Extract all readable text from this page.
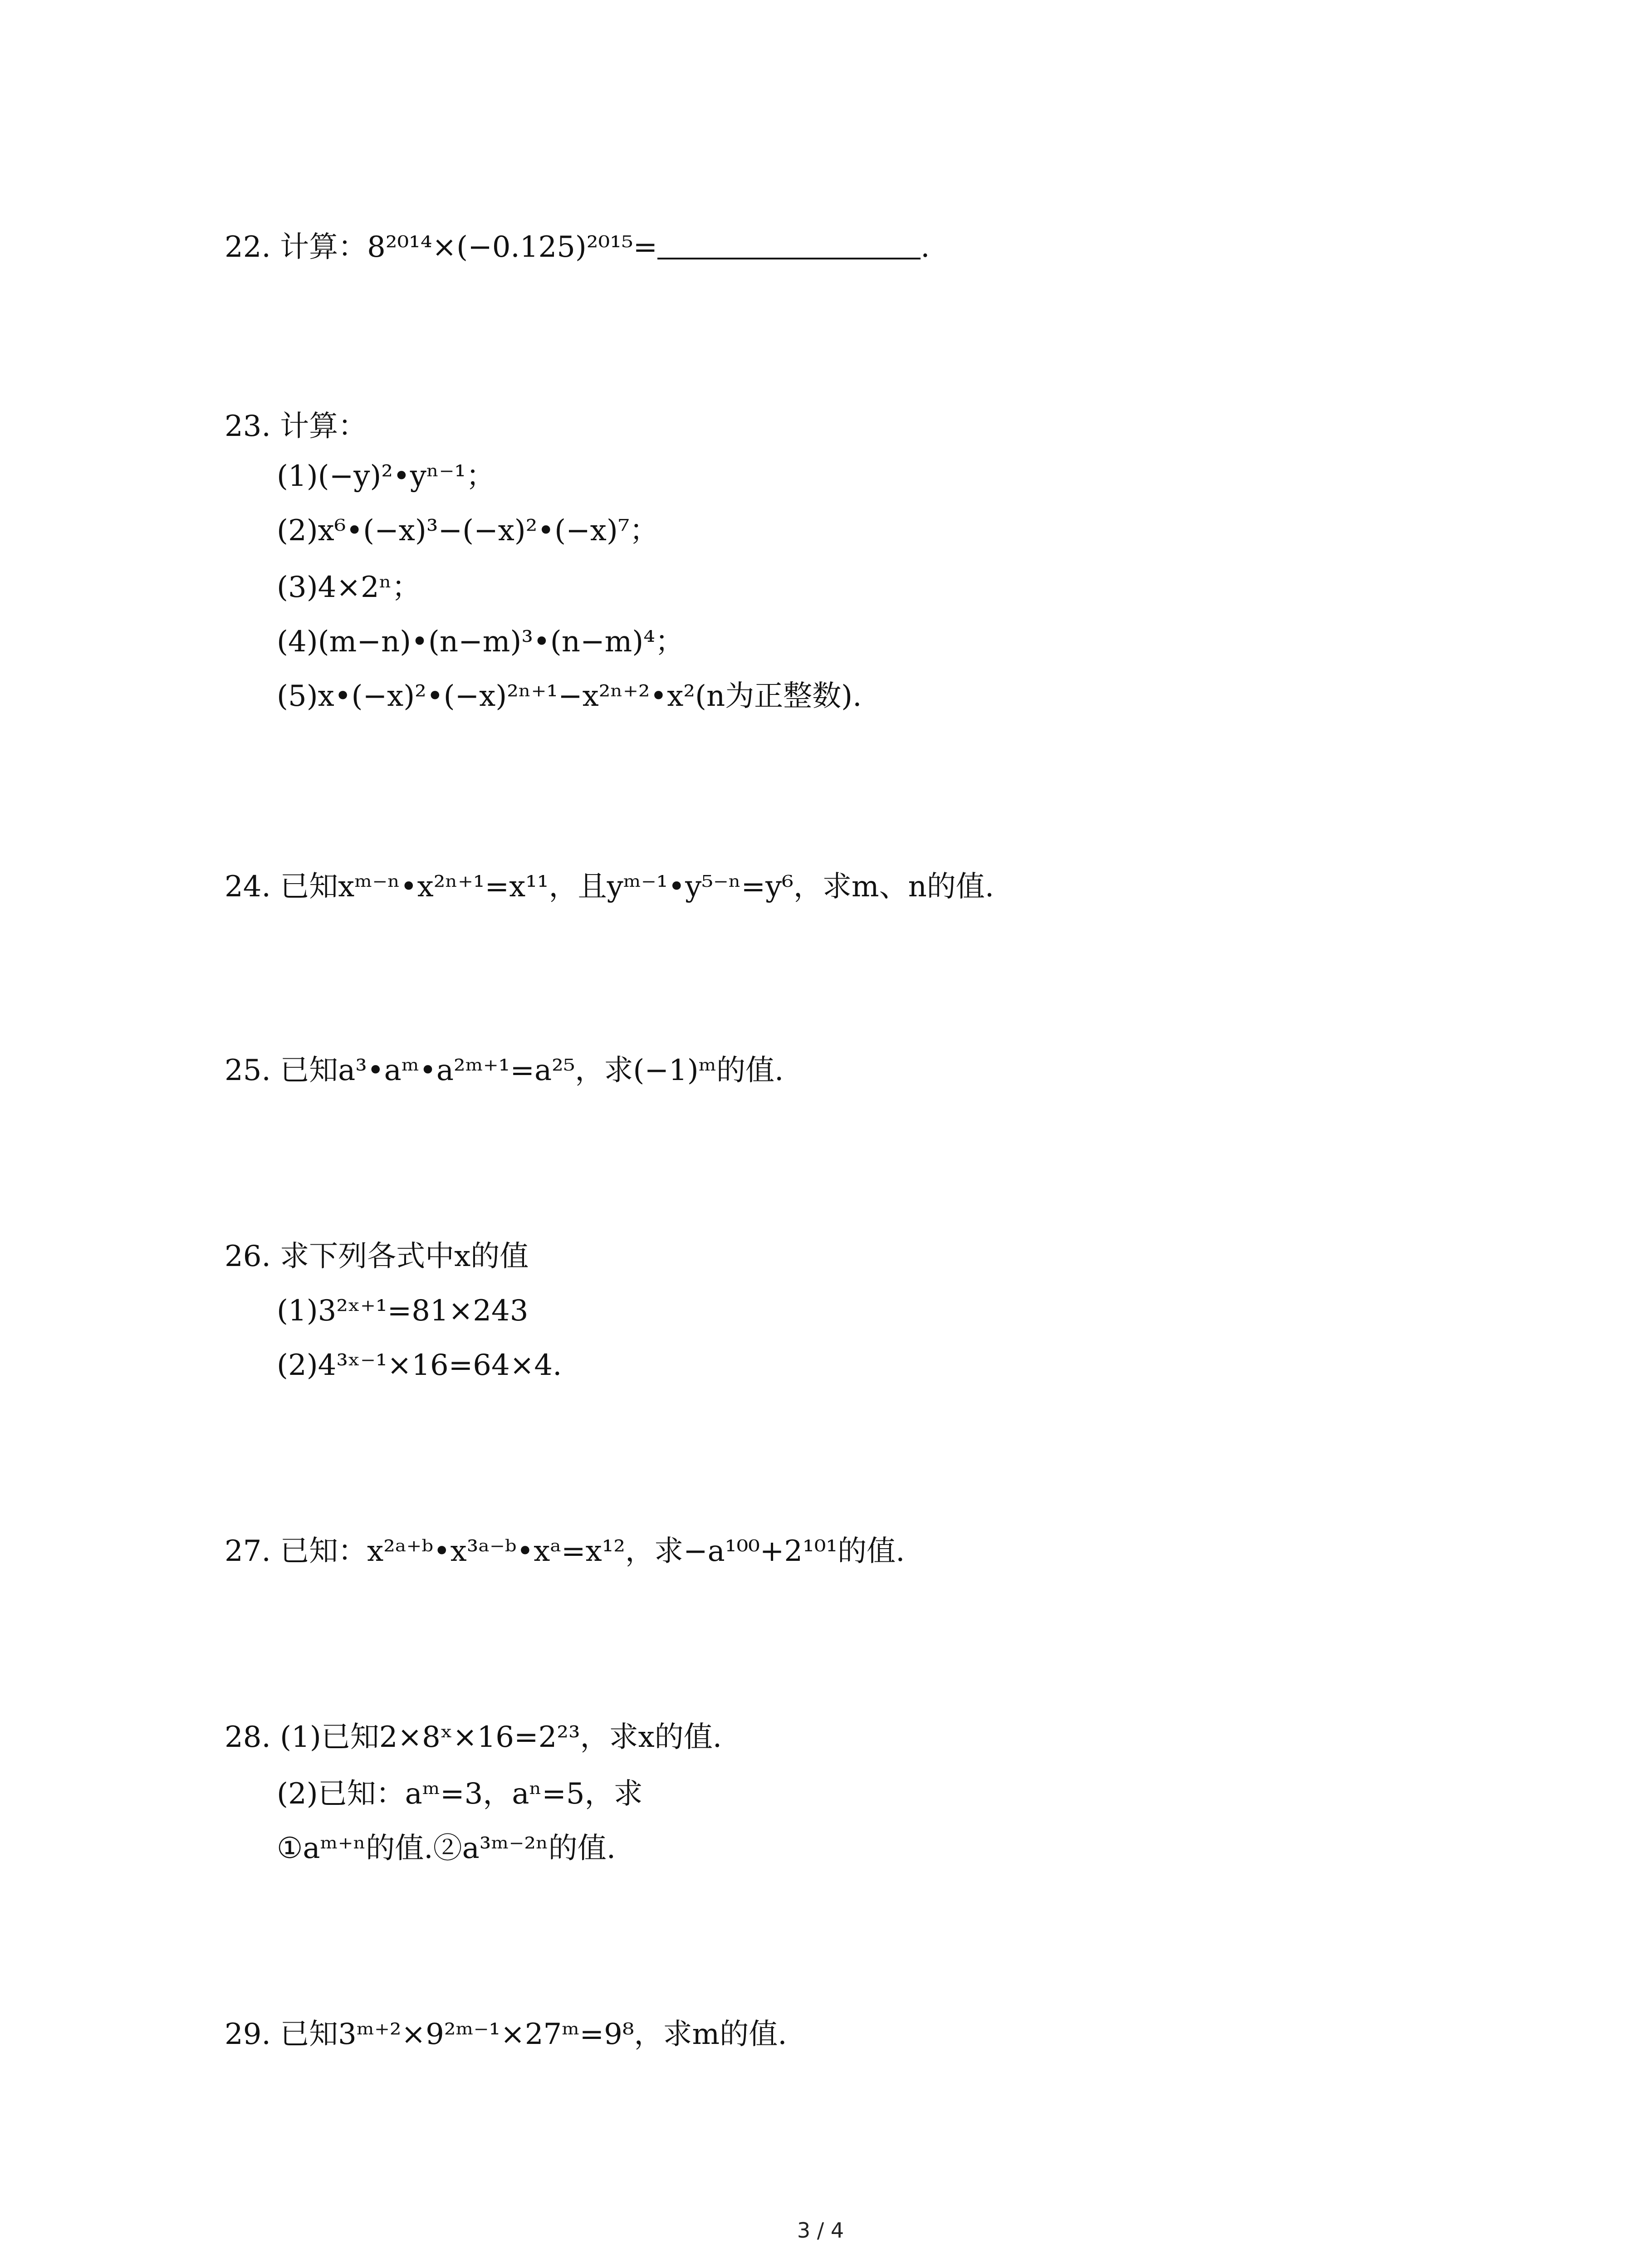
22. 计算：8²⁰¹⁴×(−0.125)²⁰¹⁵=	.
23. 计算：
(1)(−y)²•yⁿ⁻¹；
(2)x⁶•(−x)³−(−x)²•(−x)⁷；
(3)4×2ⁿ；
(4)(m−n)•(n−m)³•(n−m)⁴；
(5)x•(−x)²•(−x)²ⁿ⁺¹−x²ⁿ⁺²•x²(n为正整数).
24. 已知xᵐ⁻ⁿ•x²ⁿ⁺¹=x¹¹，且yᵐ⁻¹•y⁵⁻ⁿ=y⁶，求m、n的值.
25. 已知a³•aᵐ•a²ᵐ⁺¹=a²⁵，求(−1)ᵐ的值.
26. 求下列各式中x的值
(1)3²ˣ⁺¹=81×243
(2)4³ˣ⁻¹×16=64×4.
27. 已知：x²ᵃ⁺ᵇ•x³ᵃ⁻ᵇ•xᵃ=x¹²，求−a¹⁰⁰+2¹⁰¹的值.
28. (1)已知2×8ˣ×16=2²³，求x的值.
(2)已知：aᵐ=3，aⁿ=5，求
①aᵐ⁺ⁿ的值.②a³ᵐ⁻²ⁿ的值.
29. 已知3ᵐ⁺²×9²ᵐ⁻¹×27ᵐ=9⁸，求m的值.
3 / 4
